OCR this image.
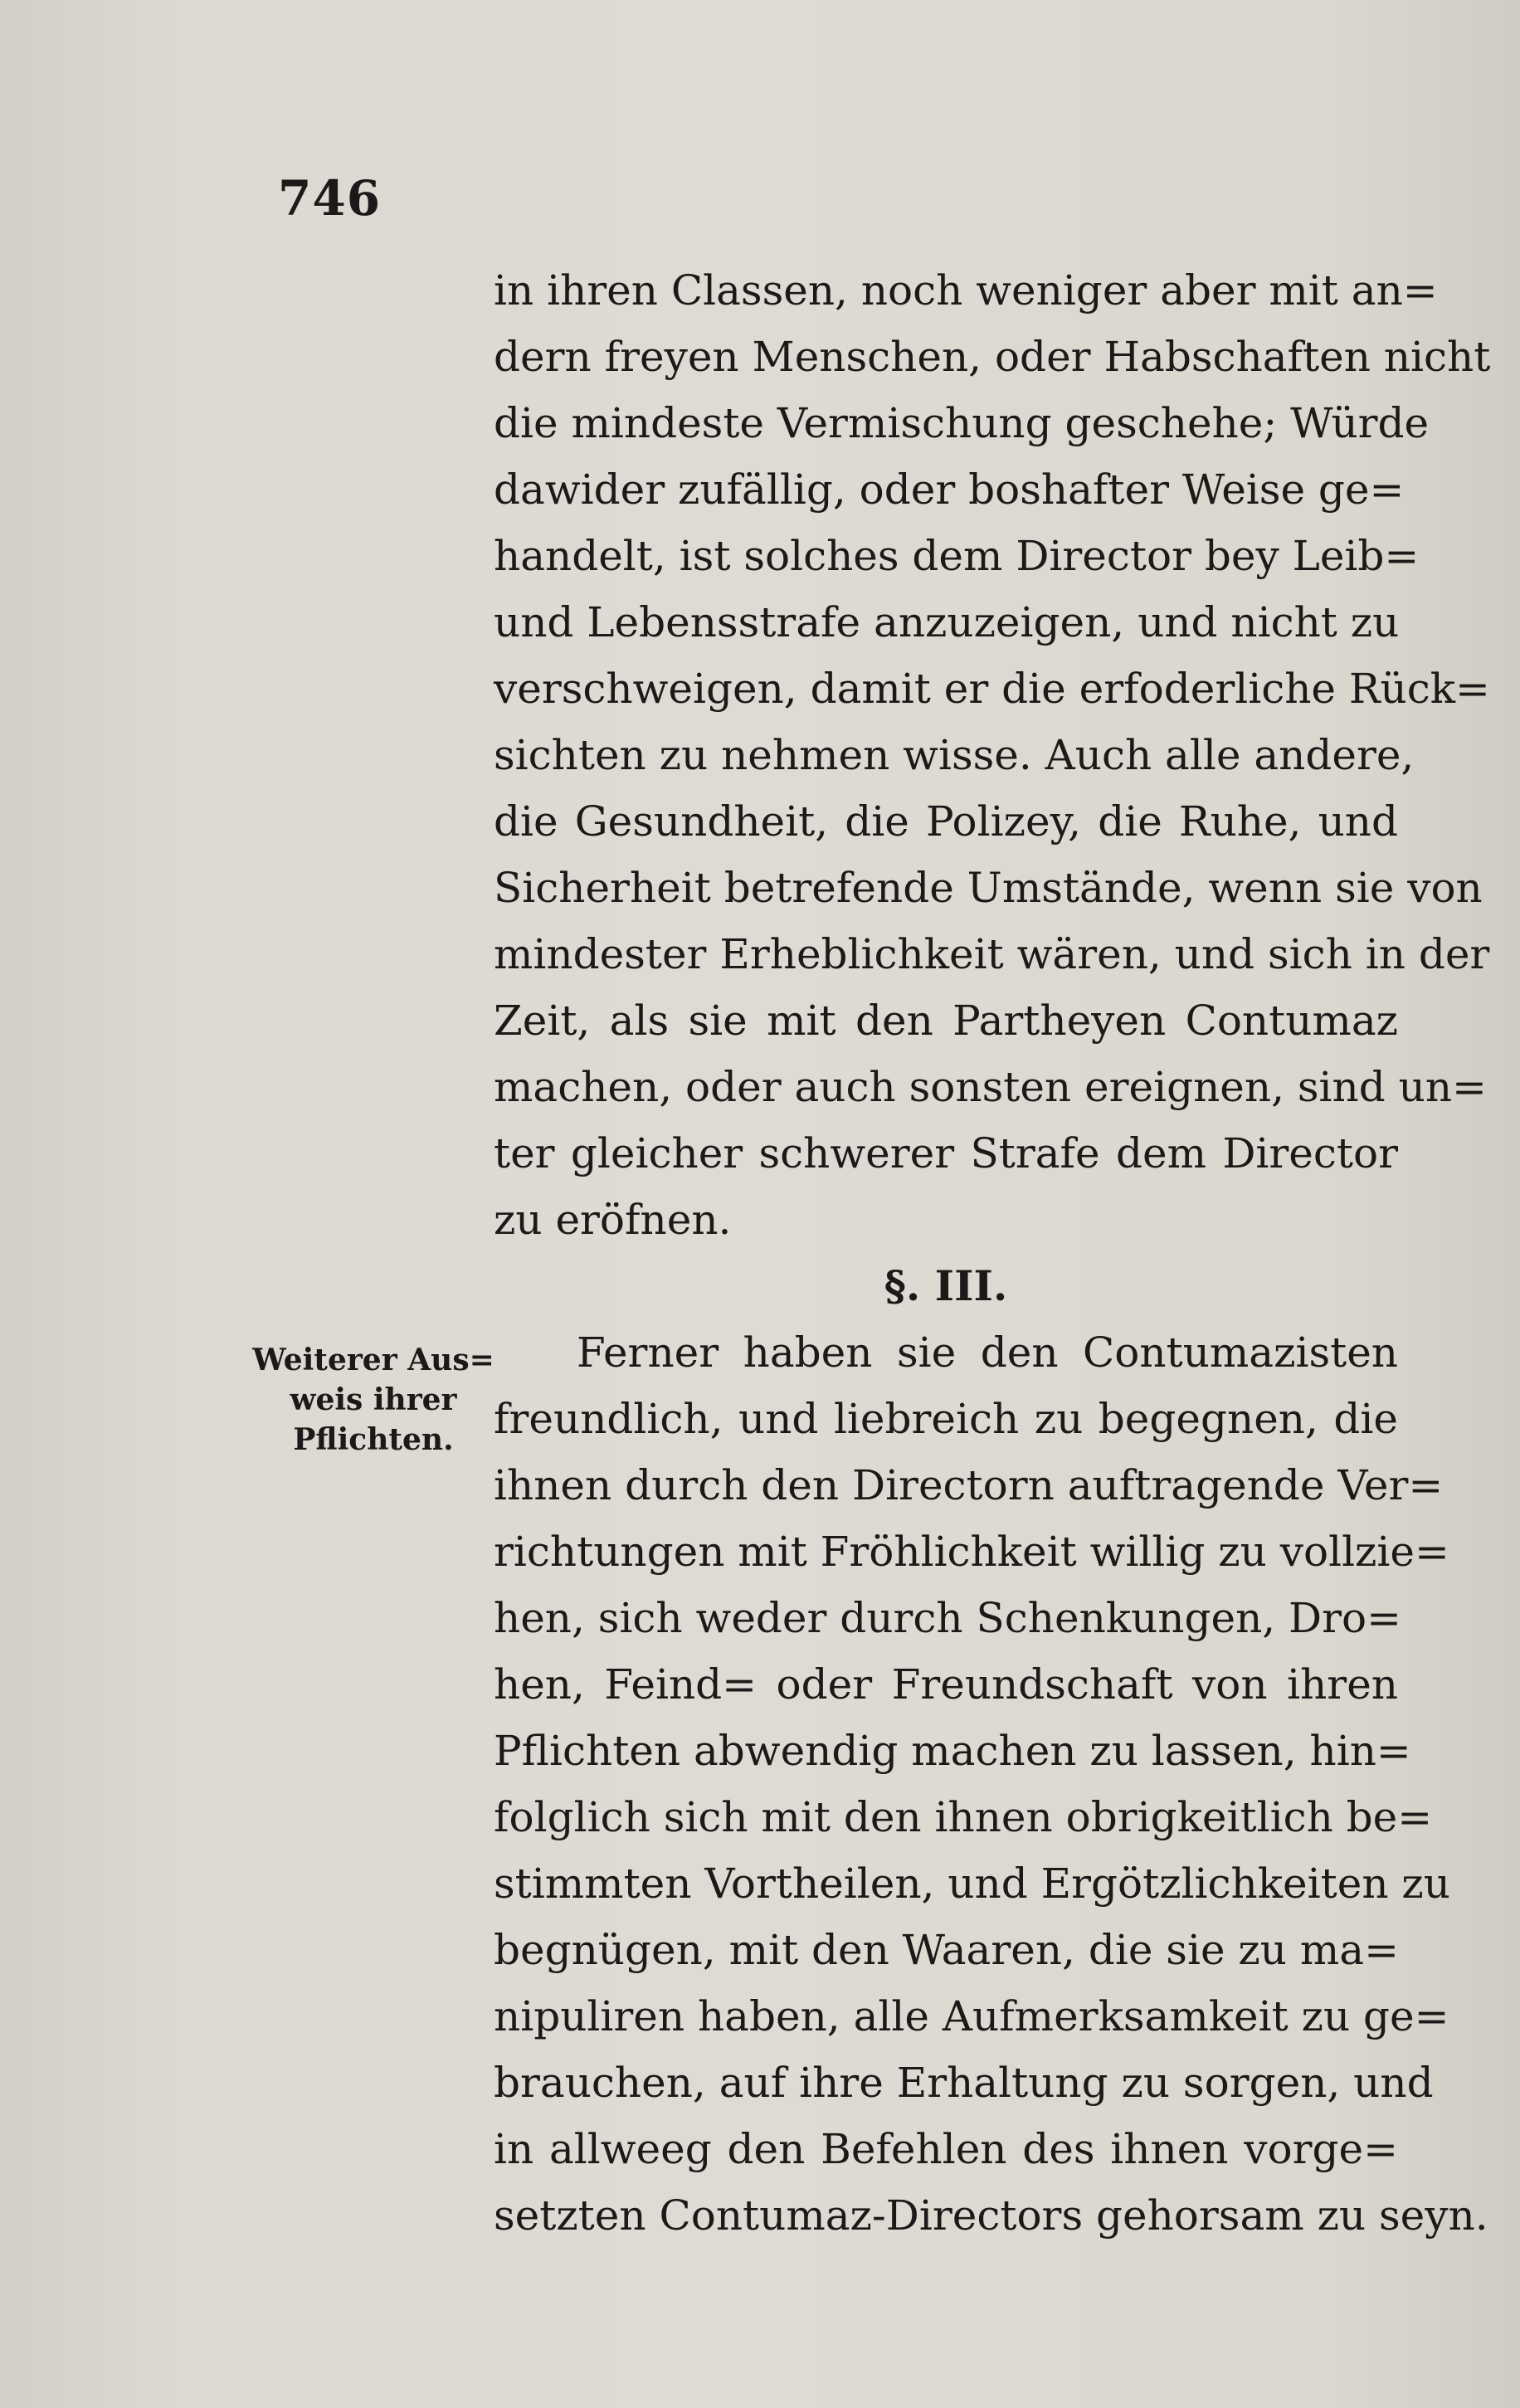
746
in ihren Classen, noch weniger aber mit an=
dern freyen Menschen, oder Habschaften nicht
die mindeste Vermischung geschehe; Würde
dawider zufällig, oder boshafter Weise ge=
handelt, ist solches dem Director bey Leib=
und Lebensstrafe anzuzeigen, und nicht zu
verschweigen, damit er die erfoderliche Rück=
sichten zu nehmen wisse. Auch alle andere,
die Gesundheit, die Polizey, die Ruhe, und
Sicherheit betrefende Umstände, wenn sie von
mindester Erheblichkeit wären, und sich in der
Zeit, als sie mit den Partheyen Contumaz
machen, oder auch sonsten ereignen, sind un=
ter gleicher schwerer Strafe dem Director
zu eröfnen.
§. III.
Ferner haben sie den Contumazisten
freundlich, und liebreich zu begegnen, die
ihnen durch den Directorn auftragende Ver=
richtungen mit Fröhlichkeit willig zu vollzie=
hen, sich weder durch Schenkungen, Dro=
hen, Feind= oder Freundschaft von ihren
Pflichten abwendig machen zu lassen, hin=
folglich sich mit den ihnen obrigkeitlich be=
stimmten Vortheilen, und Ergötzlichkeiten zu
begnügen, mit den Waaren, die sie zu ma=
nipuliren haben, alle Aufmerksamkeit zu ge=
brauchen, auf ihre Erhaltung zu sorgen, und
in allweeg den Befehlen des ihnen vorge=
setzten Contumaz-Directors gehorsam zu seyn.
Weiterer Aus=
weis ihrer
Pflichten.
